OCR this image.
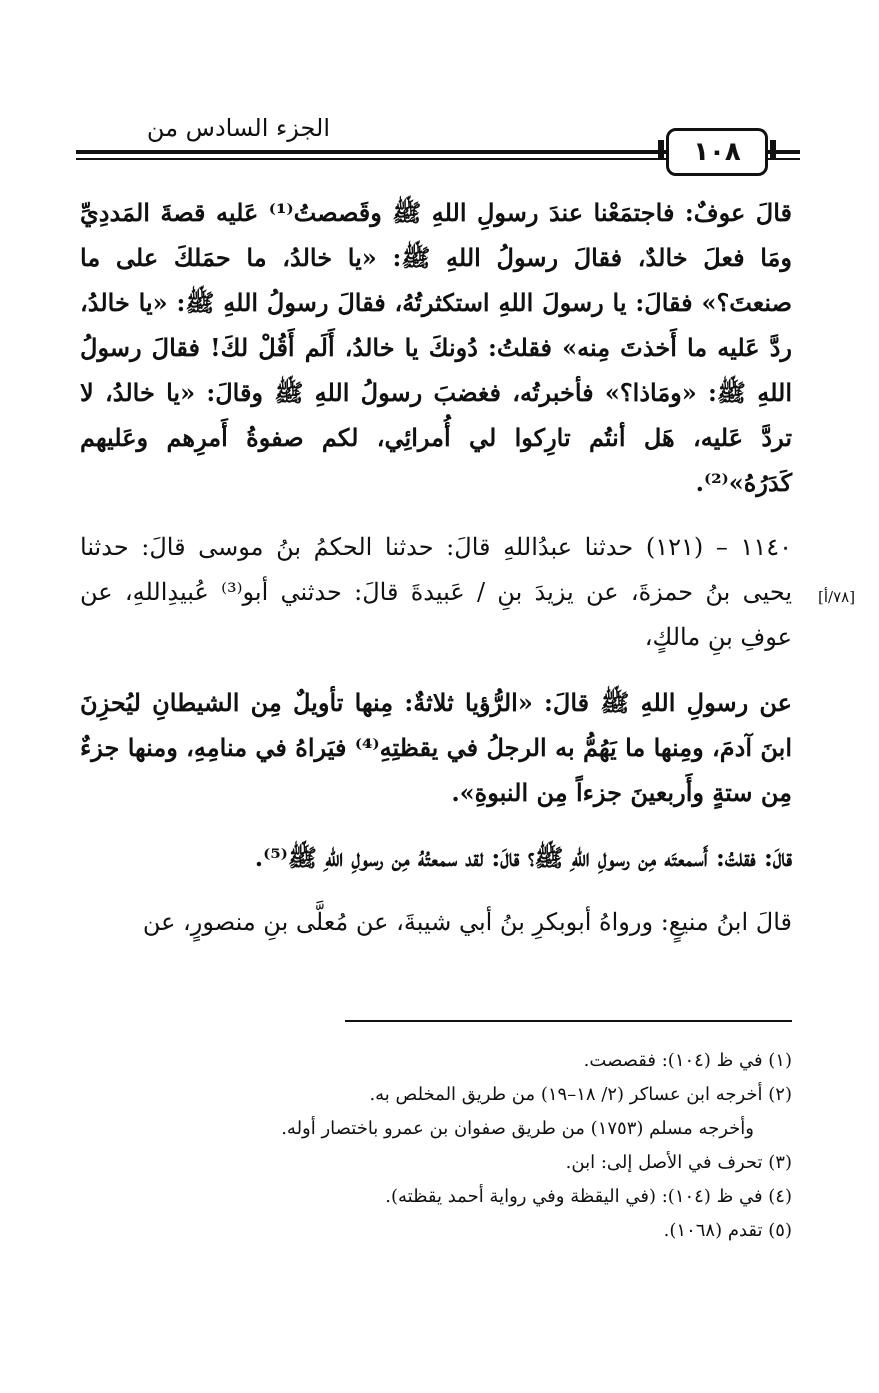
الجزء السادس من
١٠٨
[٧٨/أ]

قالَ عوفٌ: فاجتمَعْنا عندَ رسولِ اللهِ ﷺ وقَصصتُ⁽¹⁾ عَليه قصةَ المَددِيِّ ومَا فعلَ خالدٌ، فقالَ رسولُ اللهِ ﷺ: «يا خالدُ، ما حمَلكَ على ما صنعتَ؟» فقالَ: يا رسولَ اللهِ استكثرتُهُ، فقالَ رسولُ اللهِ ﷺ: «يا خالدُ، ردَّ عَليه ما أَخذتَ مِنه» فقلتُ: دُونكَ يا خالدُ، أَلَم أَقُلْ لكَ! فقالَ رسولُ اللهِ ﷺ: «ومَاذا؟» فأخبرتُه، فغضبَ رسولُ اللهِ ﷺ وقالَ: «يا خالدُ، لا تردَّ عَليه، هَل أنتُم تارِكوا لي أُمرائِي، لكم صفوةُ أَمرِهم وعَليهم كَدَرُهُ»⁽²⁾.

١١٤٠ – (١٢١) حدثنا عبدُاللهِ قالَ: حدثنا الحكمُ بنُ موسى قالَ: حدثنا يحيى بنُ حمزةَ، عن يزيدَ بنِ / عَبيدةَ قالَ: حدثني أبو⁽³⁾ عُبيدِاللهِ، عن عوفِ بنِ مالكٍ،

عن رسولِ اللهِ ﷺ قالَ: «الرُّؤيا ثلاثةٌ: مِنها تأويلٌ مِن الشيطانِ ليُحزِنَ ابنَ آدمَ، ومِنها ما يَهُمُّ به الرجلُ في يقظتِهِ⁽⁴⁾ فيَراهُ في منامِهِ، ومنها جزءٌ مِن ستةٍ وأَربعينَ جزءاً مِن النبوةِ».

قالَ: فقلتُ: أَسمعتَه مِن رسولِ اللهِ ﷺ؟ قالَ: لقد سمعتُهُ مِن رسولِ اللهِ ﷺ⁽⁵⁾.

قالَ ابنُ منيعٍ: ورواهُ أبوبكرِ بنُ أبي شيبةَ، عن مُعلَّى بنِ منصورٍ، عن

(١) في ظ (١٠٤): فقصصت.

(٢) أخرجه ابن عساكر (٢/ ١٨–١٩) من طريق المخلص به.

وأخرجه مسلم (١٧٥٣) من طريق صفوان بن عمرو باختصار أوله.

(٣) تحرف في الأصل إلى: ابن.

(٤) في ظ (١٠٤): (في اليقظة وفي رواية أحمد يقظته).

(٥) تقدم (١٠٦٨).
